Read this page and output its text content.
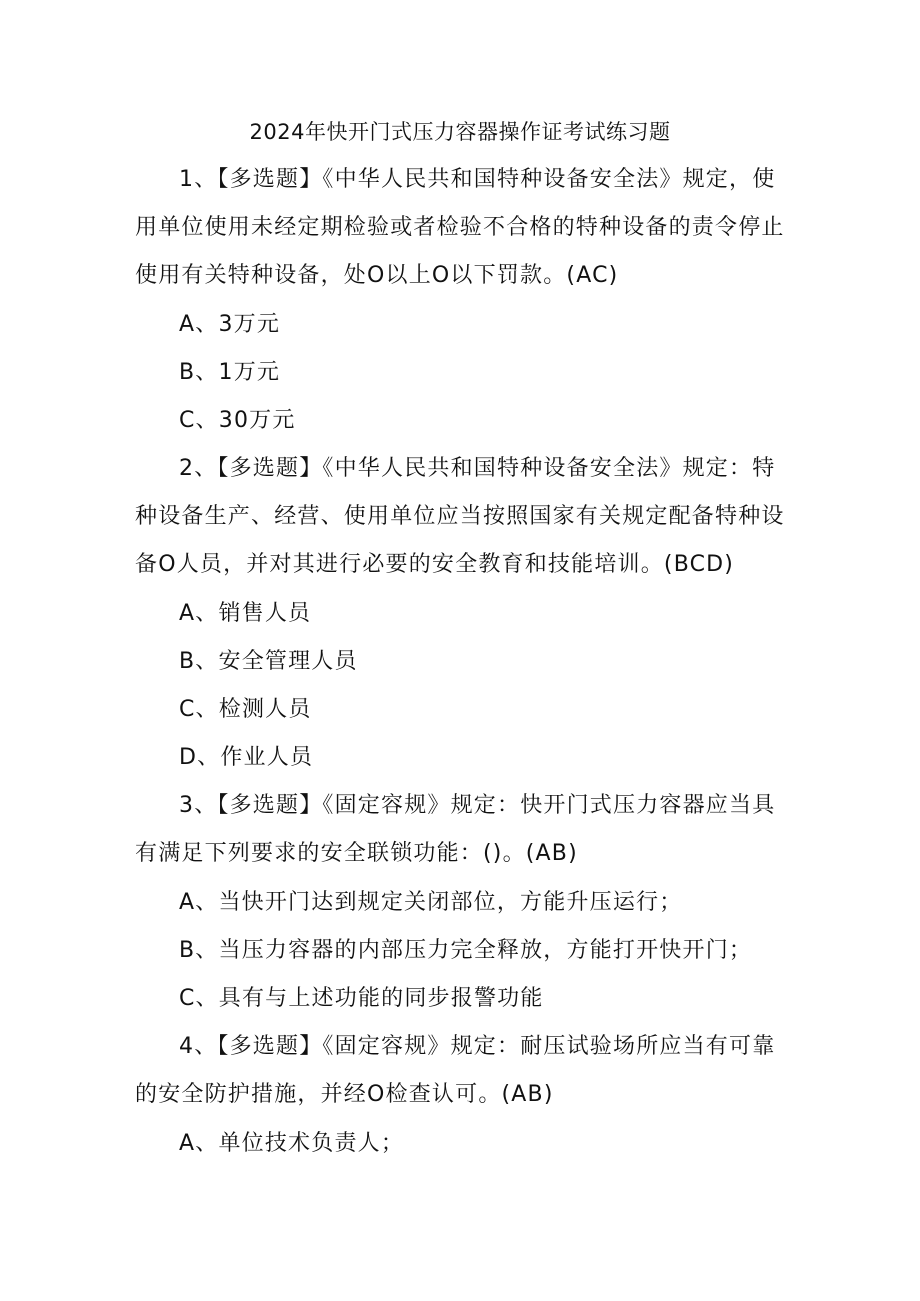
2024年快开门式压力容器操作证考试练习题

1、【多选题】《中华人民共和国特种设备安全法》规定，使用单位使用未经定期检验或者检验不合格的特种设备的责令停止使用有关特种设备，处O以上O以下罚款。(AC)

A、3万元

B、1万元

C、30万元

2、【多选题】《中华人民共和国特种设备安全法》规定：特种设备生产、经营、使用单位应当按照国家有关规定配备特种设备O人员，并对其进行必要的安全教育和技能培训。(BCD)

A、销售人员

B、安全管理人员

C、检测人员

D、作业人员

3、【多选题】《固定容规》规定：快开门式压力容器应当具有满足下列要求的安全联锁功能：()。(AB)

A、当快开门达到规定关闭部位，方能升压运行；

B、当压力容器的内部压力完全释放，方能打开快开门；

C、具有与上述功能的同步报警功能

4、【多选题】《固定容规》规定：耐压试验场所应当有可靠的安全防护措施，并经O检查认可。(AB)

A、单位技术负责人；
